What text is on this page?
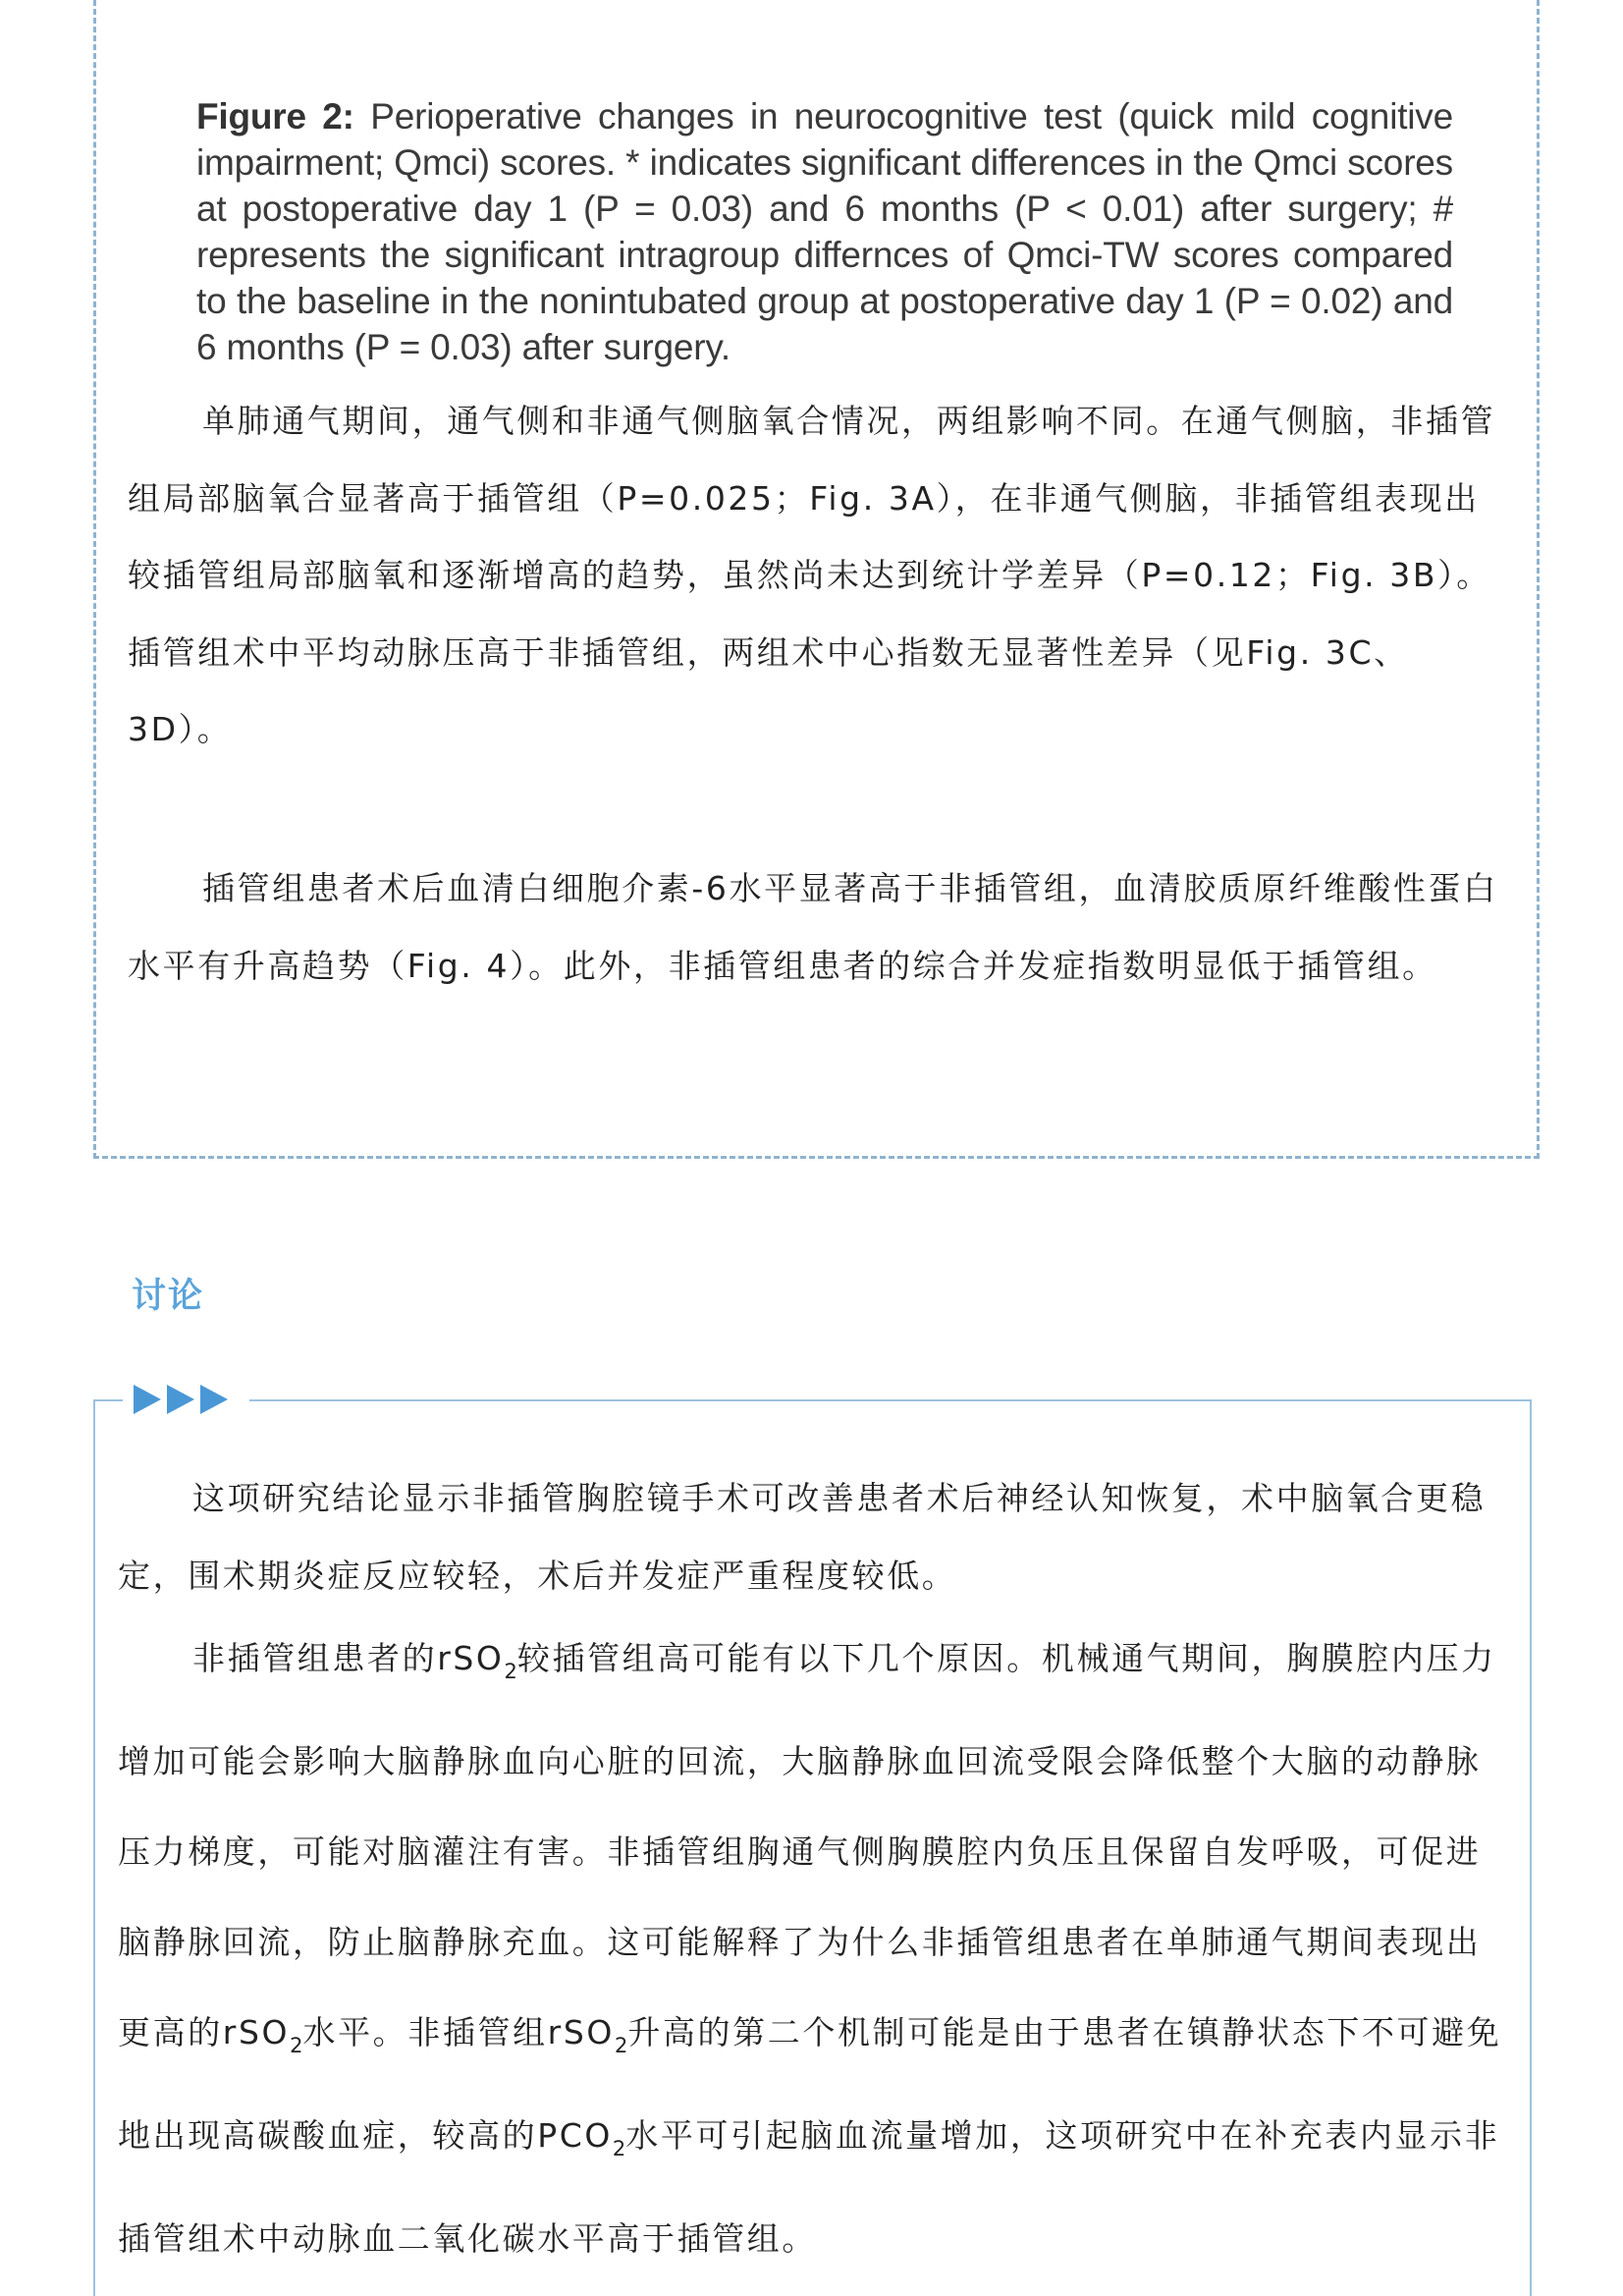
Figure 2: Perioperative changes in neurocognitive test (quick mild cognitive impairment; Qmci) scores. * indicates significant differences in the Qmci scores at postoperative day 1 (P = 0.03) and 6 months (P < 0.01) after surgery; # represents the significant intragroup differnces of Qmci-TW scores compared to the baseline in the nonintubated group at postoperative day 1 (P = 0.02) and 6 months (P = 0.03) after surgery.

单肺通气期间，通气侧和非通气侧脑氧合情况，两组影响不同。在通气侧脑，非插管组局部脑氧合显著高于插管组（P=0.025；Fig. 3A），在非通气侧脑，非插管组表现出较插管组局部脑氧和逐渐增高的趋势，虽然尚未达到统计学差异（P=0.12；Fig. 3B）。插管组术中平均动脉压高于非插管组，两组术中心指数无显著性差异（见Fig. 3C、3D）。

插管组患者术后血清白细胞介素-6水平显著高于非插管组，血清胶质原纤维酸性蛋白水平有升高趋势（Fig. 4）。此外，非插管组患者的综合并发症指数明显低于插管组。

讨论

这项研究结论显示非插管胸腔镜手术可改善患者术后神经认知恢复，术中脑氧合更稳定，围术期炎症反应较轻，术后并发症严重程度较低。

非插管组患者的rSO$_2$较插管组高可能有以下几个原因。机械通气期间，胸膜腔内压力增加可能会影响大脑静脉血向心脏的回流，大脑静脉血回流受限会降低整个大脑的动静脉压力梯度，可能对脑灌注有害。非插管组胸通气侧胸膜腔内负压且保留自发呼吸，可促进脑静脉回流，防止脑静脉充血。这可能解释了为什么非插管组患者在单肺通气期间表现出更高的rSO$_2$水平。非插管组rSO$_2$升高的第二个机制可能是由于患者在镇静状态下不可避免地出现高碳酸血症，较高的$PCO_2$水平可引起脑血流量增加，这项研究中在补充表内显示非插管组术中动脉血二氧化碳水平高于插管组。
